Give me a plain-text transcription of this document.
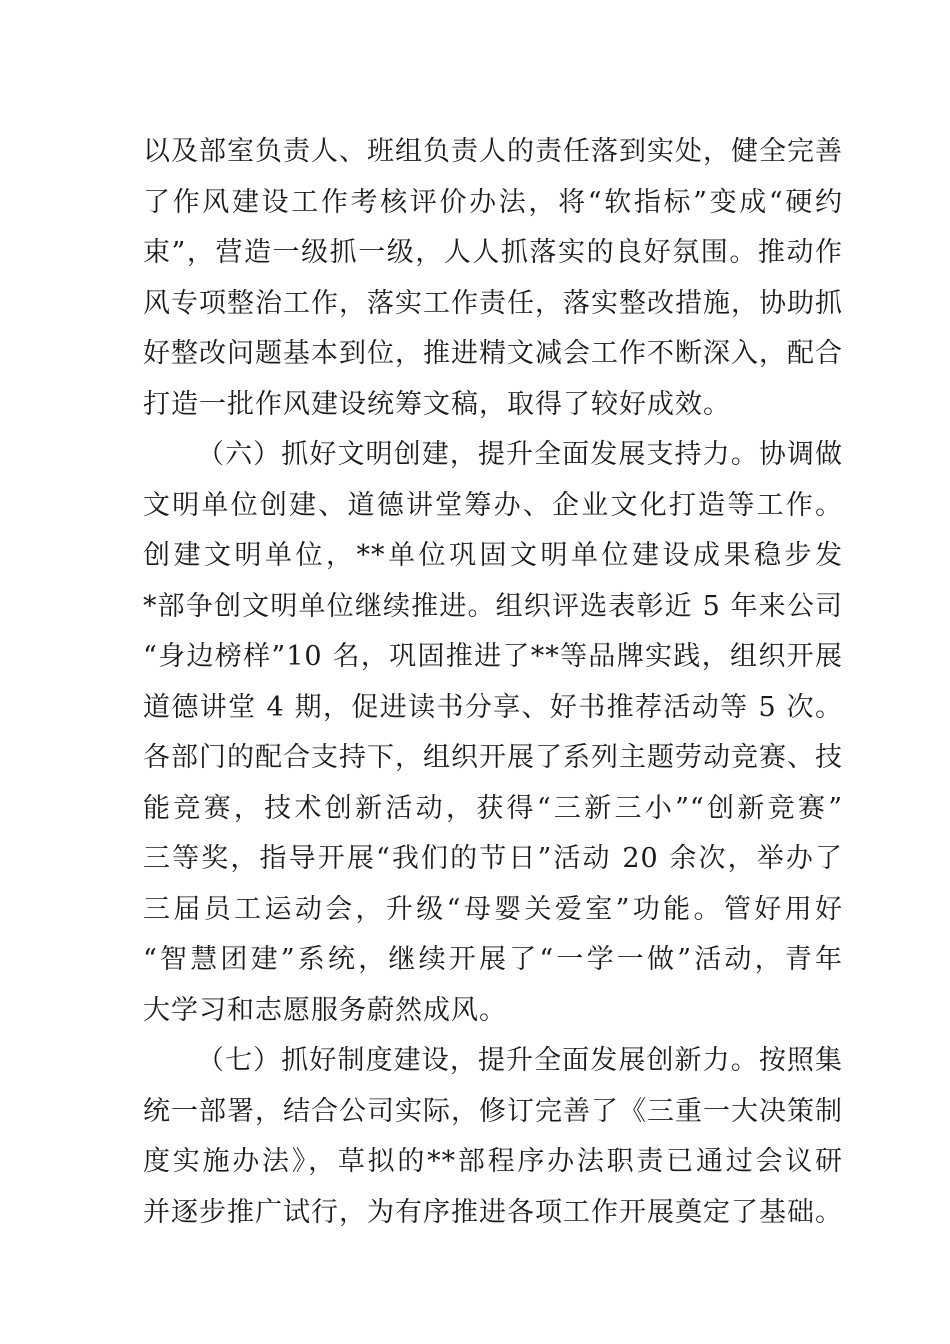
以及部室负责人、班组负责人的责任落到实处，健全完善
了作风建设工作考核评价办法，将“软指标”变成“硬约
束”，营造一级抓一级，人人抓落实的良好氛围。推动作
风专项整治工作，落实工作责任，落实整改措施，协助抓
好整改问题基本到位，推进精文减会工作不断深入，配合
打造一批作风建设统筹文稿，取得了较好成效。
（六）抓好文明创建，提升全面发展支持力。协调做
文明单位创建、道德讲堂筹办、企业文化打造等工作。
创建文明单位，**单位巩固文明单位建设成果稳步发
*部争创文明单位继续推进。组织评选表彰近 5 年来公司
“身边榜样”10 名，巩固推进了**等品牌实践，组织开展
道德讲堂 4 期，促进读书分享、好书推荐活动等 5 次。
各部门的配合支持下，组织开展了系列主题劳动竞赛、技
能竞赛，技术创新活动，获得“三新三小”“创新竞赛”
三等奖，指导开展“我们的节日”活动 20 余次，举办了
三届员工运动会，升级“母婴关爱室”功能。管好用好
“智慧团建”系统，继续开展了“一学一做”活动，青年
大学习和志愿服务蔚然成风。
（七）抓好制度建设，提升全面发展创新力。按照集
统一部署，结合公司实际，修订完善了《三重一大决策制
度实施办法》，草拟的**部程序办法职责已通过会议研
并逐步推广试行，为有序推进各项工作开展奠定了基础。
